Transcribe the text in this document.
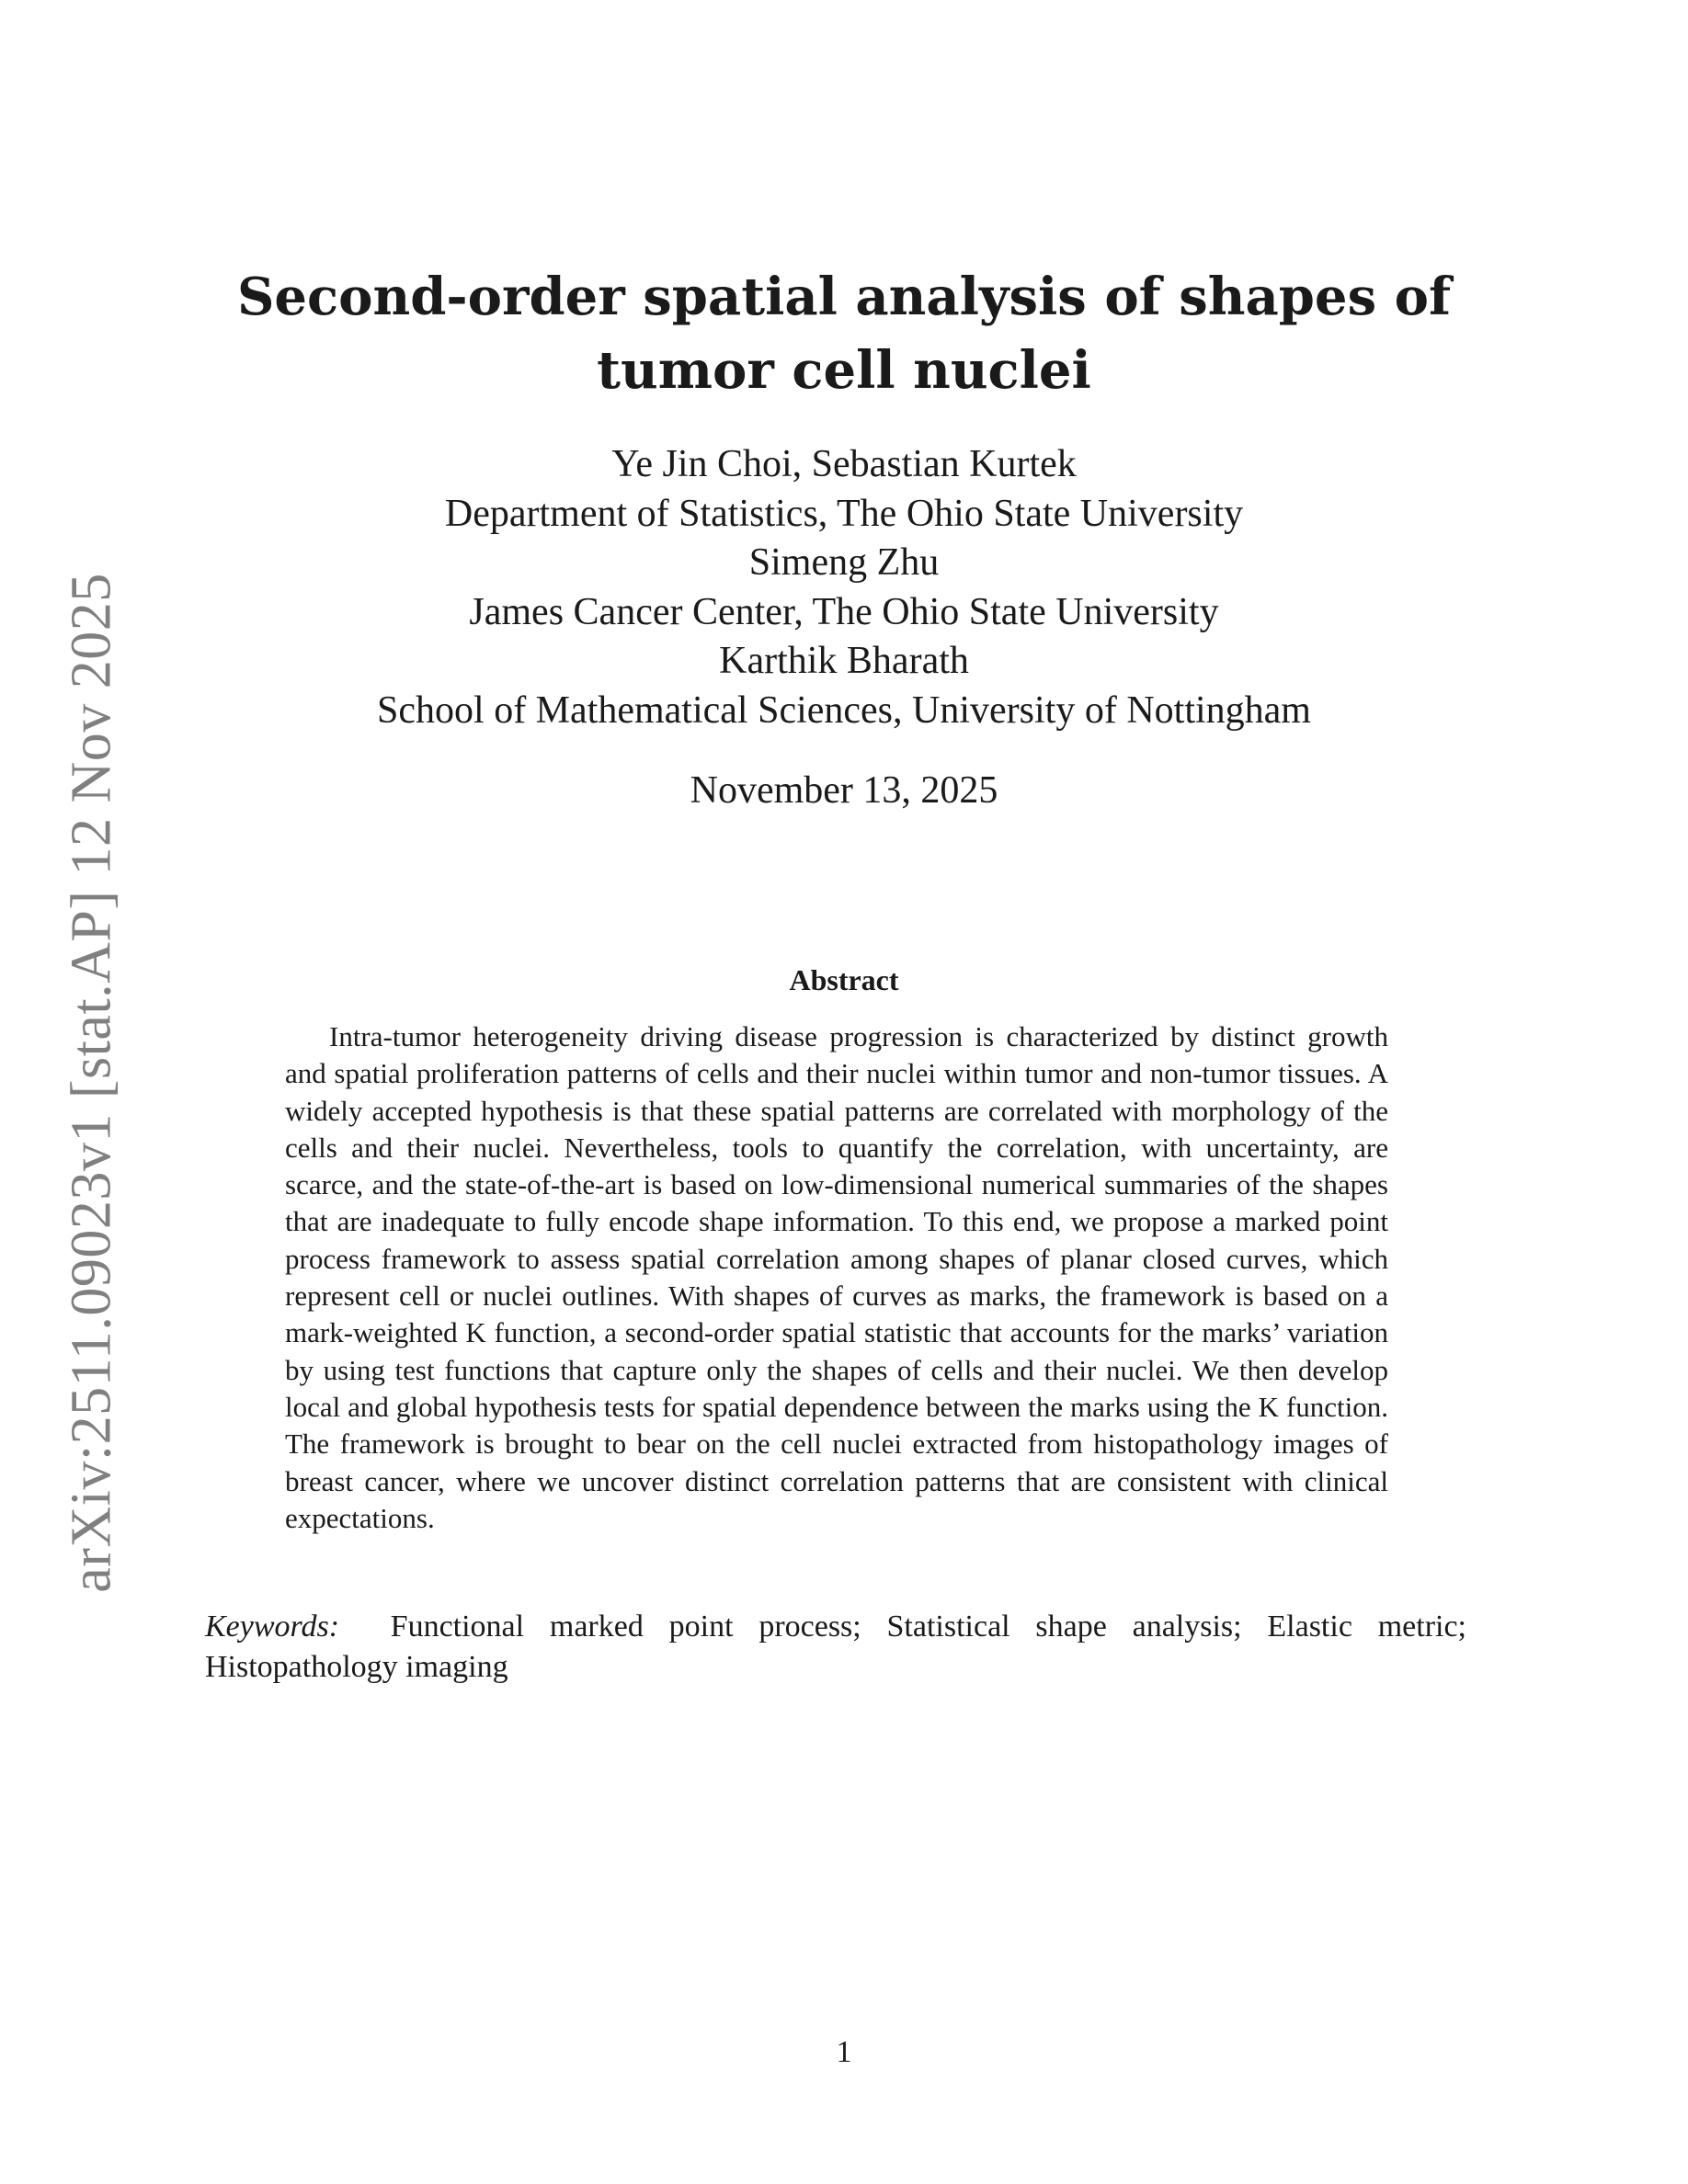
arXiv:2511.09023v1 [stat.AP] 12 Nov 2025
Second-order spatial analysis of shapes of
tumor cell nuclei
Ye Jin Choi, Sebastian Kurtek
Department of Statistics, The Ohio State University
Simeng Zhu
James Cancer Center, The Ohio State University
Karthik Bharath
School of Mathematical Sciences, University of Nottingham
November 13, 2025
Abstract

Intra-tumor heterogeneity driving disease progression is characterized by distinct growth and spatial proliferation patterns of cells and their nuclei within tumor and non-tumor tissues. A widely accepted hypothesis is that these spatial patterns are correlated with morphology of the cells and their nuclei. Nevertheless, tools to quantify the correlation, with uncertainty, are scarce, and the state-of-the-art is based on low-dimensional numerical summaries of the shapes that are inadequate to fully encode shape information. To this end, we propose a marked point process framework to assess spatial correlation among shapes of planar closed curves, which represent cell or nuclei outlines. With shapes of curves as marks, the framework is based on a mark-weighted K function, a second-order spatial statistic that accounts for the marks’ variation by using test functions that capture only the shapes of cells and their nuclei. We then develop local and global hypothesis tests for spatial dependence between the marks using the K function. The framework is brought to bear on the cell nuclei extracted from histopathology images of breast cancer, where we uncover distinct correlation patterns that are consistent with clinical expectations.

Keywords: Functional marked point process; Statistical shape analysis; Elastic metric; Histopathology imaging

1
